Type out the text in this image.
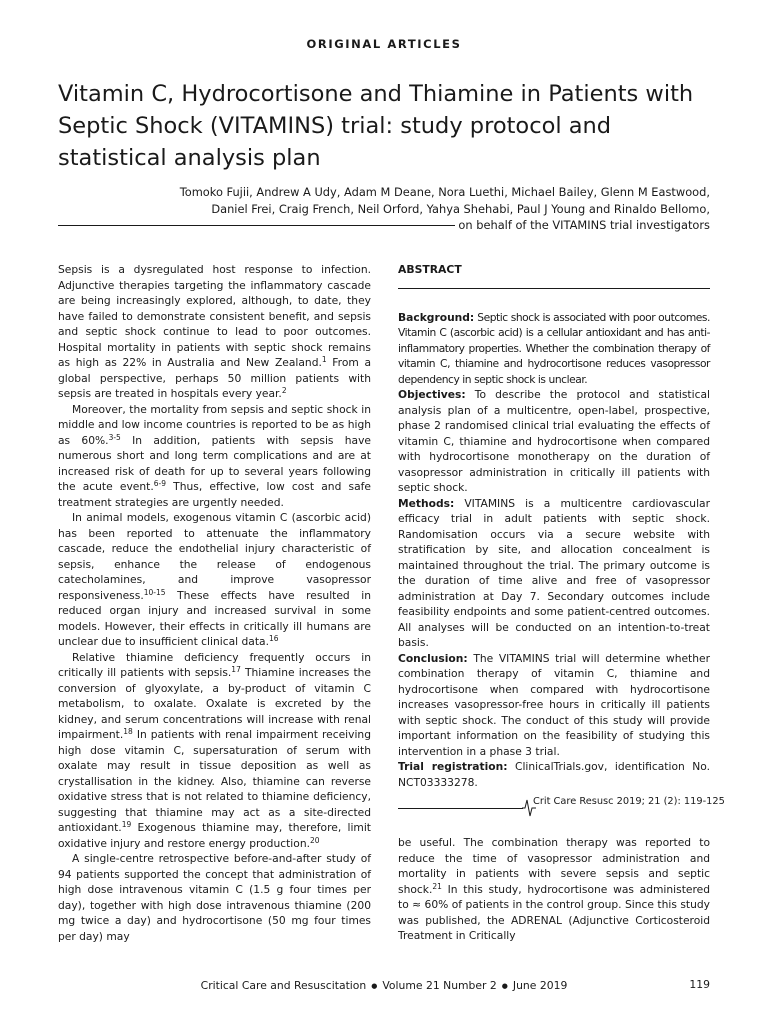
ORIGINAL ARTICLES
Vitamin C, Hydrocortisone and Thiamine in Patients with Septic Shock (VITAMINS) trial: study protocol and statistical analysis plan
Tomoko Fujii, Andrew A Udy, Adam M Deane, Nora Luethi, Michael Bailey, Glenn M Eastwood,
Daniel Frei, Craig French, Neil Orford, Yahya Shehabi, Paul J Young and Rinaldo Bellomo,
on behalf of the VITAMINS trial investigators

Sepsis is a dysregulated host response to infection. Adjunctive therapies targeting the inflammatory cascade are being increasingly explored, although, to date, they have failed to demonstrate consistent benefit, and sepsis and septic shock continue to lead to poor outcomes. Hospital mortality in patients with septic shock remains as high as 22% in Australia and New Zealand.$^1$ From a global perspective, perhaps 50 million patients with sepsis are treated in hospitals every year.$^2$

Moreover, the mortality from sepsis and septic shock in middle and low income countries is reported to be as high as 60%.$^{3-5}$ In addition, patients with sepsis have numerous short and long term complications and are at increased risk of death for up to several years following the acute event.$^{6-9}$ Thus, effective, low cost and safe treatment strategies are urgently needed.

In animal models, exogenous vitamin C (ascorbic acid) has been reported to attenuate the inflammatory cascade, reduce the endothelial injury characteristic of sepsis, enhance the release of endogenous catecholamines, and improve vasopressor responsiveness.$^{10-15}$ These effects have resulted in reduced organ injury and increased survival in some models. However, their effects in critically ill humans are unclear due to insufficient clinical data.$^{16}$

Relative thiamine deficiency frequently occurs in critically ill patients with sepsis.$^{17}$ Thiamine increases the conversion of glyoxylate, a by-product of vitamin C metabolism, to oxalate. Oxalate is excreted by the kidney, and serum concentrations will increase with renal impairment.$^{18}$ In patients with renal impairment receiving high dose vitamin C, supersaturation of serum with oxalate may result in tissue deposition as well as crystallisation in the kidney. Also, thiamine can reverse oxidative stress that is not related to thiamine deficiency, suggesting that thiamine may act as a site-directed antioxidant.$^{19}$ Exogenous thiamine may, therefore, limit oxidative injury and restore energy production.$^{20}$

A single-centre retrospective before-and-after study of 94 patients supported the concept that administration of high dose intravenous vitamin C (1.5 g four times per day), together with high dose intravenous thiamine (200 mg twice a day) and hydrocortisone (50 mg four times per day) may

ABSTRACT

Background: Septic shock is associated with poor outcomes. Vitamin C (ascorbic acid) is a cellular antioxidant and has anti-inflammatory properties. Whether the combination therapy of vitamin C, thiamine and hydrocortisone reduces vasopressor dependency in septic shock is unclear.

Objectives: To describe the protocol and statistical analysis plan of a multicentre, open-label, prospective, phase 2 randomised clinical trial evaluating the effects of vitamin C, thiamine and hydrocortisone when compared with hydrocortisone monotherapy on the duration of vasopressor administration in critically ill patients with septic shock.

Methods: VITAMINS is a multicentre cardiovascular efficacy trial in adult patients with septic shock. Randomisation occurs via a secure website with stratification by site, and allocation concealment is maintained throughout the trial. The primary outcome is the duration of time alive and free of vasopressor administration at Day 7. Secondary outcomes include feasibility endpoints and some patient-centred outcomes. All analyses will be conducted on an intention-to-treat basis.

Conclusion: The VITAMINS trial will determine whether combination therapy of vitamin C, thiamine and hydrocortisone when compared with hydrocortisone increases vasopressor-free hours in critically ill patients with septic shock. The conduct of this study will provide important information on the feasibility of studying this intervention in a phase 3 trial.

Trial registration: ClinicalTrials.gov, identification No. NCT03333278.

Crit Care Resusc 2019; 21 (2): 119-125

be useful. The combination therapy was reported to reduce the time of vasopressor administration and mortality in patients with severe sepsis and septic shock.$^{21}$ In this study, hydrocortisone was administered to ≈ 60% of patients in the control group. Since this study was published, the ADRENAL (Adjunctive Corticosteroid Treatment in Critically

Critical Care and Resuscitation ● Volume 21 Number 2 ● June 2019	119
